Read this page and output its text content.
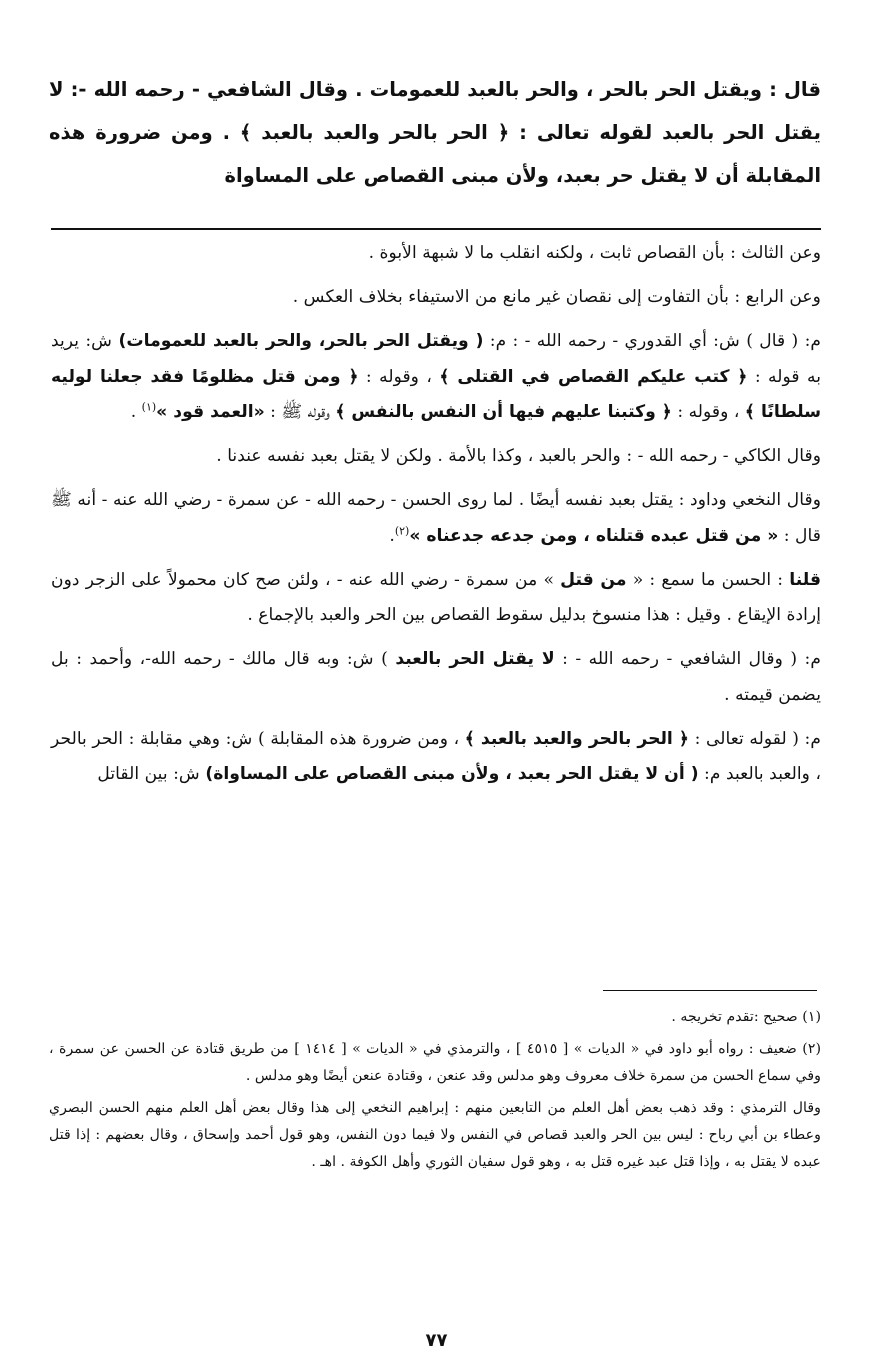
قال : ويقتل الحر بالحر ، والحر بالعبد للعمومات . وقال الشافعي - رحمه الله -: لا يقتل الحر بالعبد لقوله تعالى : ﴿ الحر بالحر والعبد بالعبد ﴾ . ومن ضرورة هذه المقابلة أن لا يقتل حر بعبد، ولأن مبنى القصاص على المساواة

وعن الثالث : بأن القصاص ثابت ، ولكنه انقلب ما لا شبهة الأبوة .

وعن الرابع : بأن التفاوت إلى نقصان غير مانع من الاستيفاء بخلاف العكس .

م: ( قال ) ش: أي القدوري - رحمه الله - : م: ( ويقتل الحر بالحر، والحر بالعبد للعمومات) ش: يريد به قوله : ﴿ كتب عليكم القصاص في القتلى ﴾ ، وقوله : ﴿ ومن قتل مظلومًا فقد جعلنا لوليه سلطانًا ﴾ ، وقوله : ﴿ وكتبنا عليهم فيها أن النفس بالنفس ﴾ وقوله ﷺ : «العمد قود »$^{(١)}$ .

وقال الكاكي - رحمه الله - : والحر بالعبد ، وكذا بالأمة . ولكن لا يقتل بعبد نفسه عندنا .

وقال النخعي وداود : يقتل بعبد نفسه أيضًا . لما روى الحسن - رحمه الله - عن سمرة - رضي الله عنه - أنه ﷺ قال : « من قتل عبده قتلناه ، ومن جدعه جدعناه »$^{(٢)}$.

قلنا : الحسن ما سمع : « من قتل » من سمرة - رضي الله عنه - ، ولئن صح كان محمولاً على الزجر دون إرادة الإيقاع . وقيل : هذا منسوخ بدليل سقوط القصاص بين الحر والعبد بالإجماع .

م: ( وقال الشافعي - رحمه الله - : لا يقتل الحر بالعبد ) ش: وبه قال مالك - رحمه الله-، وأحمد : بل يضمن قيمته .

م: ( لقوله تعالى : ﴿ الحر بالحر والعبد بالعبد ﴾ ، ومن ضرورة هذه المقابلة ) ش: وهي مقابلة : الحر بالحر ، والعبد بالعبد م: ( أن لا يقتل الحر بعبد ، ولأن مبنى القصاص على المساواة) ش: بين القاتل

(١) صحيح :تقدم تخريجه .

(٢) ضعيف : رواه أبو داود في « الديات » [ ٤٥١٥ ] ، والترمذي في « الديات » [ ١٤١٤ ] من طريق قتادة عن الحسن عن سمرة ، وفي سماع الحسن من سمرة خلاف معروف وهو مدلس وقد عنعن ، وقتادة عنعن أيضًا وهو مدلس .

وقال الترمذي : وقد ذهب بعض أهل العلم من التابعين منهم : إبراهيم النخعي إلى هذا وقال بعض أهل العلم منهم الحسن البصري وعطاء بن أبي رباح : ليس بين الحر والعبد قصاص في النفس ولا فيما دون النفس، وهو قول أحمد وإسحاق ، وقال بعضهم : إذا قتل عبده لا يقتل به ، وإذا قتل عبد غيره قتل به ، وهو قول سفيان الثوري وأهل الكوفة . اهـ .

٧٧
